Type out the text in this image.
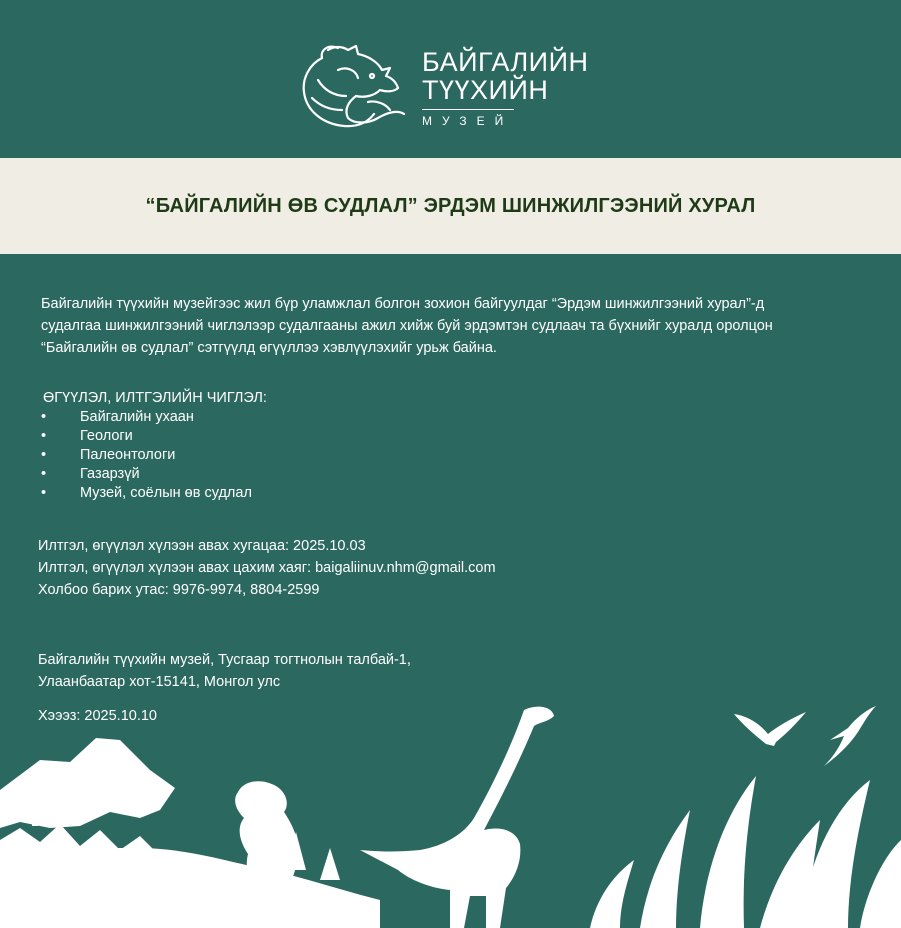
БАЙГАЛИЙН
ТҮҮХИЙН
МУЗЕЙ
“БАЙГАЛИЙН ӨВ СУДЛАЛ” ЭРДЭМ ШИНЖИЛГЭЭНИЙ ХУРАЛ
Байгалийн түүхийн музейгээс жил бүр уламжлал болгон зохион байгуулдаг “Эрдэм шинжилгээний хурал”-д
судалгаа шинжилгээний чиглэлээр судалгааны ажил хийж буй эрдэмтэн судлаач та бүхнийг хуралд оролцон
“Байгалийн өв судлал” сэтгүүлд өгүүллээ хэвлүүлэхийг урьж байна.
ӨГҮҮЛЭЛ, ИЛТГЭЛИЙН ЧИГЛЭЛ:
• Байгалийн ухаан
• Геологи
• Палеонтологи
• Газарзүй
• Музей, соёлын өв судлал
Илтгэл, өгүүлэл хүлээн авах хугацаа: 2025.10.03
Илтгэл, өгүүлэл хүлээн авах цахим хаяг: baigaliinuv.nhm@gmail.com
Холбоо барих утас: 9976-9974, 8804-2599
Байгалийн түүхийн музей, Тусгаар тогтнолын талбай-1,
Улаанбаатар хот-15141, Монгол улс
Хэээз: 2025.10.10
